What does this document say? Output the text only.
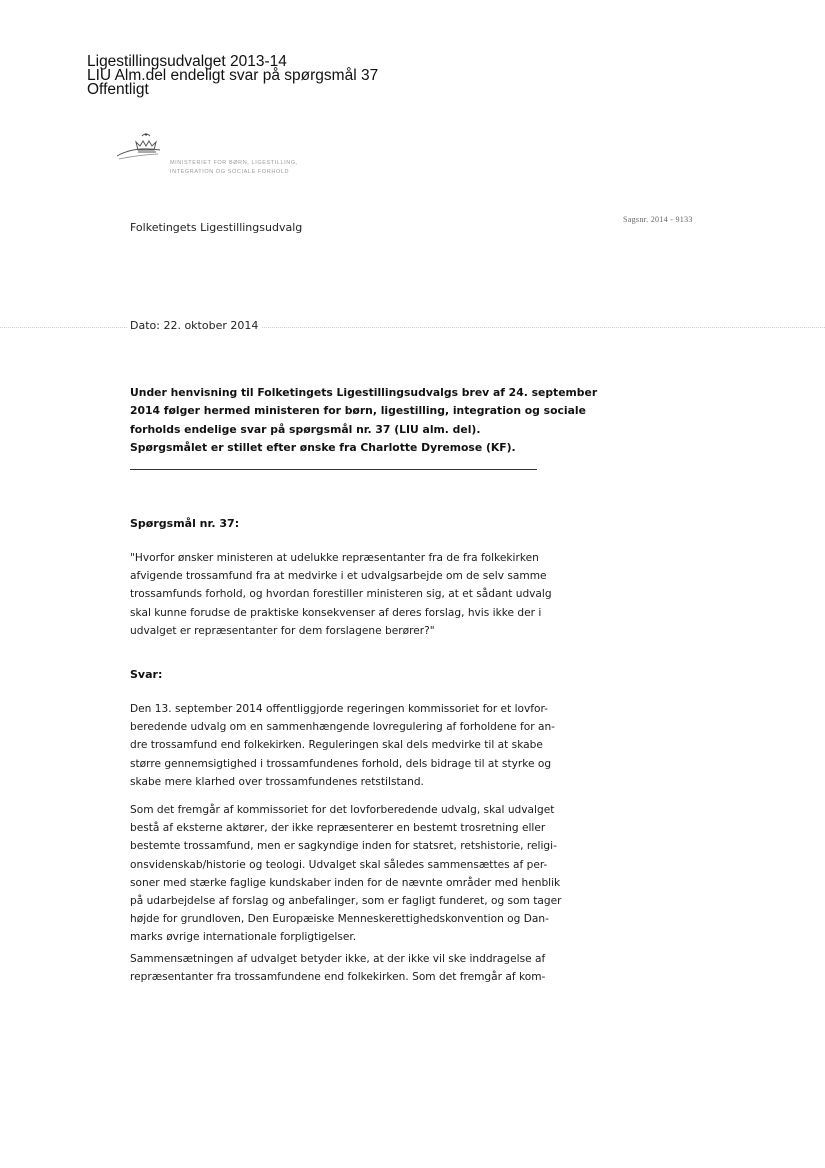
Ligestillingsudvalget 2013-14
LIU Alm.del endeligt svar på spørgsmål 37
Offentligt
MINISTERIET FOR BØRN, LIGESTILLING,
INTEGRATION OG SOCIALE FORHOLD
Folketingets Ligestillingsudvalg
Sagsnr. 2014 - 9133
Dato: 22. oktober 2014
Under henvisning til Folketingets Ligestillingsudvalgs brev af 24. september
2014 følger hermed ministeren for børn, ligestilling, integration og sociale
forholds endelige svar på spørgsmål nr. 37 (LIU alm. del).
Spørgsmålet er stillet efter ønske fra Charlotte Dyremose (KF).
Spørgsmål nr. 37:
"Hvorfor ønsker ministeren at udelukke repræsentanter fra de fra folkekirken
afvigende trossamfund fra at medvirke i et udvalgsarbejde om de selv samme
trossamfunds forhold, og hvordan forestiller ministeren sig, at et sådant udvalg
skal kunne forudse de praktiske konsekvenser af deres forslag, hvis ikke der i
udvalget er repræsentanter for dem forslagene berører?"
Svar:
Den 13. september 2014 offentliggjorde regeringen kommissoriet for et lovfor-
beredende udvalg om en sammenhængende lovregulering af forholdene for an-
dre trossamfund end folkekirken. Reguleringen skal dels medvirke til at skabe
større gennemsigtighed i trossamfundenes forhold, dels bidrage til at styrke og
skabe mere klarhed over trossamfundenes retstilstand.
Som det fremgår af kommissoriet for det lovforberedende udvalg, skal udvalget
bestå af eksterne aktører, der ikke repræsenterer en bestemt trosretning eller
bestemte trossamfund, men er sagkyndige inden for statsret, retshistorie, religi-
onsvidenskab/historie og teologi. Udvalget skal således sammensættes af per-
soner med stærke faglige kundskaber inden for de nævnte områder med henblik
på udarbejdelse af forslag og anbefalinger, som er fagligt funderet, og som tager
højde for grundloven, Den Europæiske Menneskerettighedskonvention og Dan-
marks øvrige internationale forpligtigelser.
Sammensætningen af udvalget betyder ikke, at der ikke vil ske inddragelse af
repræsentanter fra trossamfundene end folkekirken. Som det fremgår af kom-
